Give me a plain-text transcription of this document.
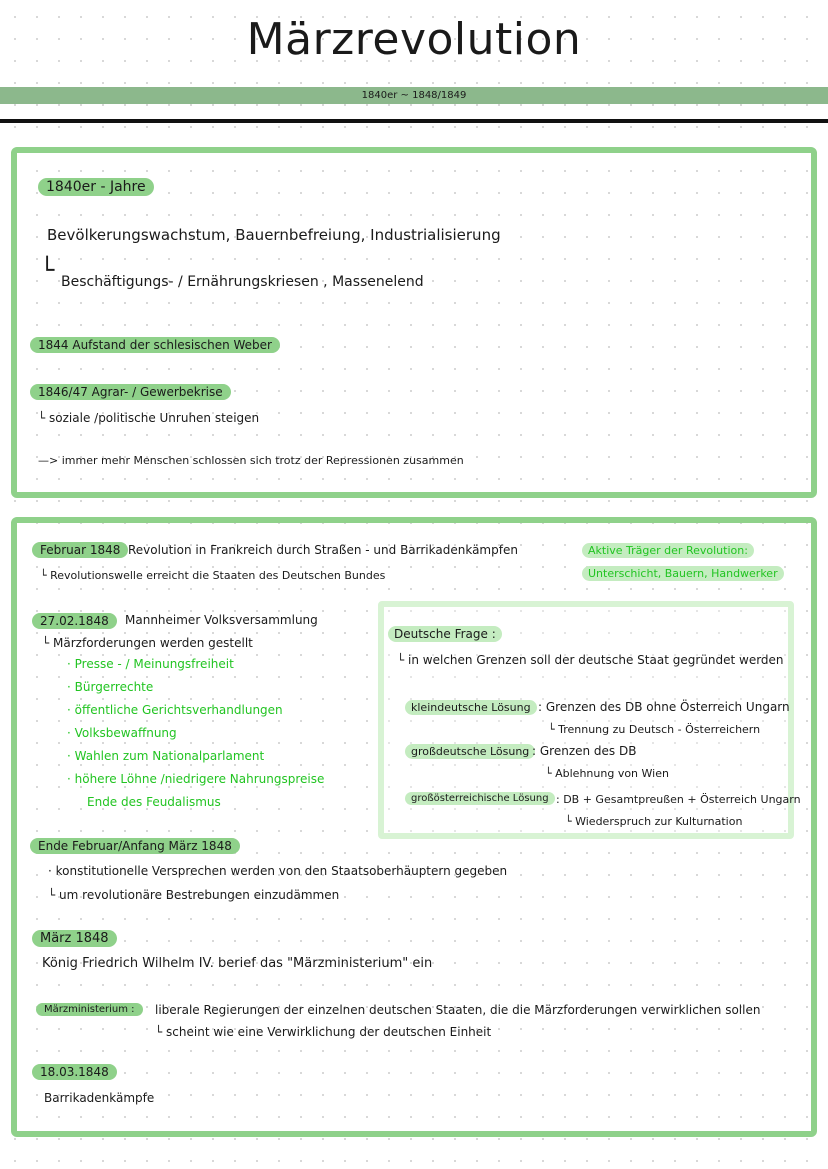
Märzrevolution
1840er ~ 1848/1849
1840er - Jahre
Bevölkerungswachstum, Bauernbefreiung, Industrialisierung
└ Beschäftigungs- / Ernährungskriesen , Massenelend
1844 Aufstand der schlesischen Weber
1846/47 Agrar- / Gewerbekrise
└ soziale /politische Unruhen steigen
—> immer mehr Menschen schlossen sich trotz der Repressionen zusammen
Februar 1848 Revolution in Frankreich durch Straßen - und Barrikadenkämpfen
└ Revolutionswelle erreicht die Staaten des Deutschen Bundes
Aktive Träger der Revolution:
Unterschicht, Bauern, Handwerker
27.02.1848	Mannheimer Volksversammlung
└ Märzforderungen werden gestellt
· Presse - / Meinungsfreiheit
· Bürgerrechte
· öffentliche Gerichtsverhandlungen
· Volksbewaffnung
· Wahlen zum Nationalparlament
· höhere Löhne /niedrigere Nahrungspreise
Ende des Feudalismus
Deutsche Frage :
└ in welchen Grenzen soll der deutsche Staat gegründet werden
kleindeutsche Lösung : Grenzen des DB ohne Österreich Ungarn
└ Trennung zu Deutsch - Österreichern
großdeutsche Lösung : Grenzen des DB
└ Ablehnung von Wien
großösterreichische Lösung : DB + Gesamtpreußen + Österreich Ungarn
└ Wiederspruch zur Kulturnation
Ende Februar/Anfang März 1848
· konstitutionelle Versprechen werden von den Staatsoberhäuptern gegeben
└ um revolutionäre Bestrebungen einzudämmen
März 1848
König Friedrich Wilhelm IV. berief das "Märzministerium" ein
Märzministerium :	liberale Regierungen der einzelnen deutschen Staaten, die die Märzforderungen verwirklichen sollen
└ scheint wie eine Verwirklichung der deutschen Einheit
18.03.1848
Barrikadenkämpfe
